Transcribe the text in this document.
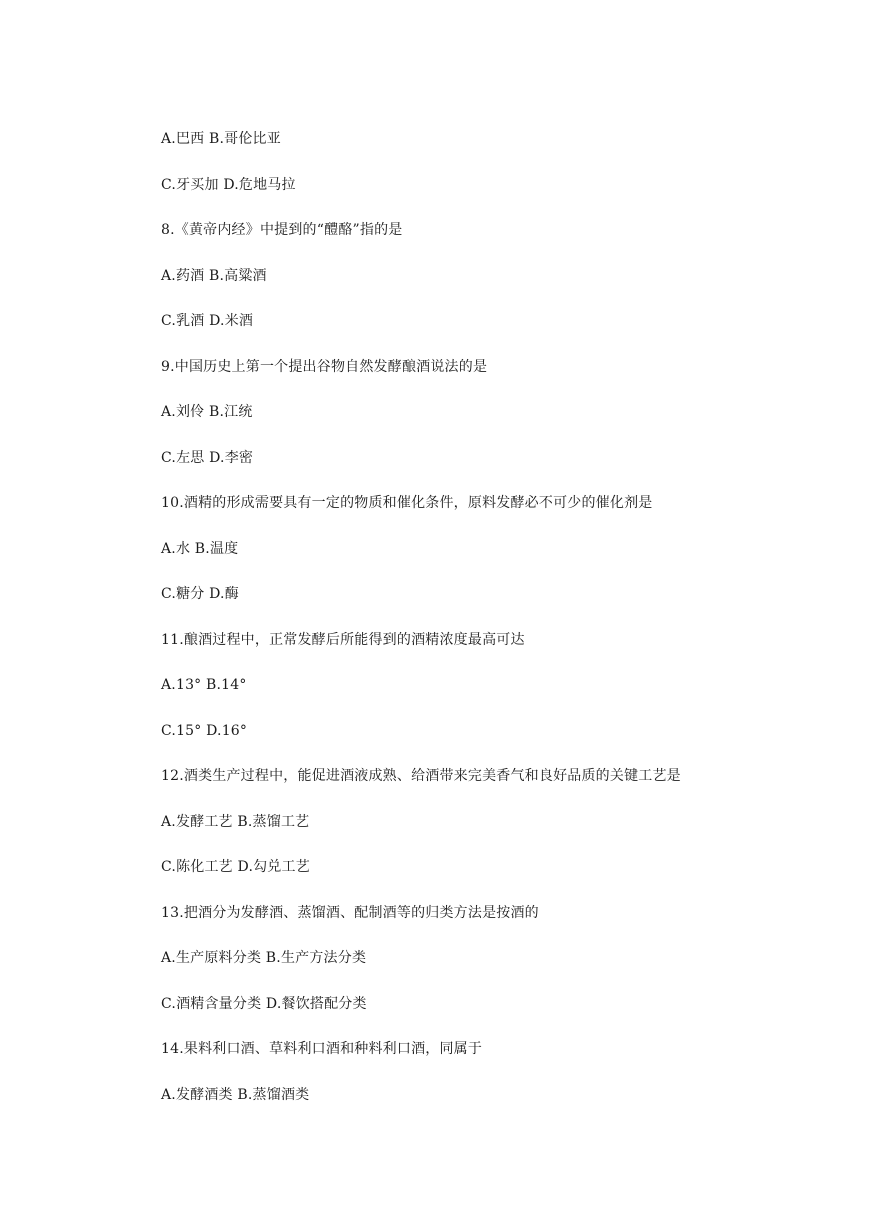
A.巴西 B.哥伦比亚
C.牙买加 D.危地马拉
8.《黄帝内经》中提到的“醴酪”指的是
A.药酒 B.高粱酒
C.乳酒 D.米酒
9.中国历史上第一个提出谷物自然发酵酿酒说法的是
A.刘伶 B.江统
C.左思 D.李密
10.酒精的形成需要具有一定的物质和催化条件，原料发酵必不可少的催化剂是
A.水 B.温度
C.糖分 D.酶
11.酿酒过程中，正常发酵后所能得到的酒精浓度最高可达
A.13° B.14°
C.15° D.16°
12.酒类生产过程中，能促进酒液成熟、给酒带来完美香气和良好品质的关键工艺是
A.发酵工艺 B.蒸馏工艺
C.陈化工艺 D.勾兑工艺
13.把酒分为发酵酒、蒸馏酒、配制酒等的归类方法是按酒的
A.生产原料分类 B.生产方法分类
C.酒精含量分类 D.餐饮搭配分类
14.果料利口酒、草料利口酒和种料利口酒，同属于
A.发酵酒类 B.蒸馏酒类
